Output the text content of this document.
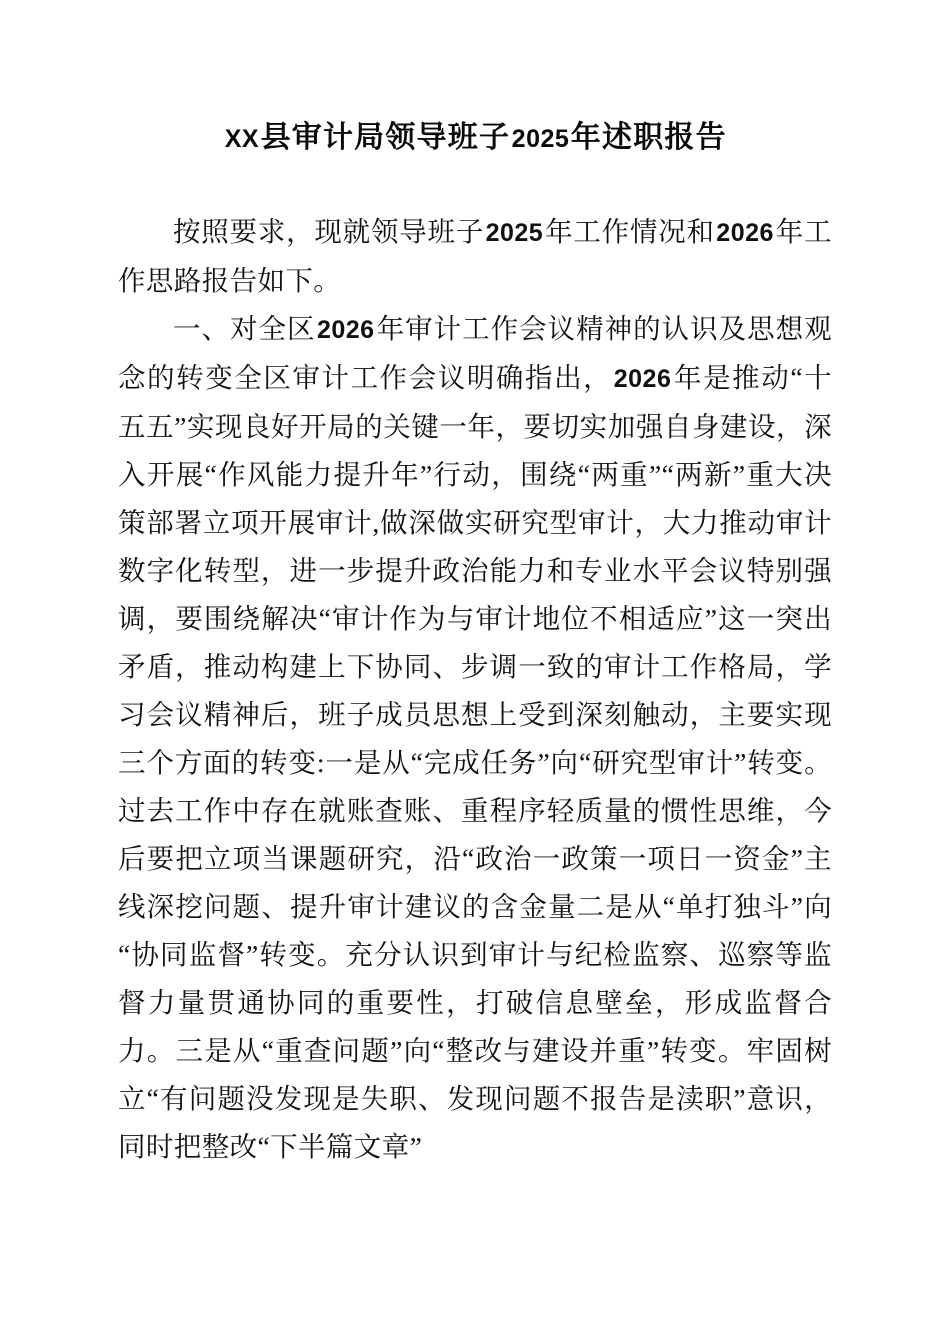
XX县审计局领导班子2025年述职报告

按照要求，现就领导班子2025年工作情况和2026年工作思路报告如下。

一、对全区2026年审计工作会议精神的认识及思想观念的转变全区审计工作会议明确指出，2026年是推动“十五五”实现良好开局的关键一年，要切实加强自身建设，深入开展“作风能力提升年”行动，围绕“两重”“两新”重大决策部署立项开展审计,做深做实研究型审计，大力推动审计数字化转型，进一步提升政治能力和专业水平会议特别强调，要围绕解决“审计作为与审计地位不相适应”这一突出矛盾，推动构建上下协同、步调一致的审计工作格局，学习会议精神后，班子成员思想上受到深刻触动，主要实现三个方面的转变:一是从“完成任务”向“研究型审计”转变。过去工作中存在就账查账、重程序轻质量的惯性思维，今后要把立项当课题研究，沿“政治一政策一项日一资金”主线深挖问题、提升审计建议的含金量二是从“单打独斗”向“协同监督”转变。充分认识到审计与纪检监察、巡察等监督力量贯通协同的重要性，打破信息壁垒，形成监督合力。三是从“重查问题”向“整改与建设并重”转变。牢固树立“有问题没发现是失职、发现问题不报告是渎职”意识，同时把整改“下半篇文章”
